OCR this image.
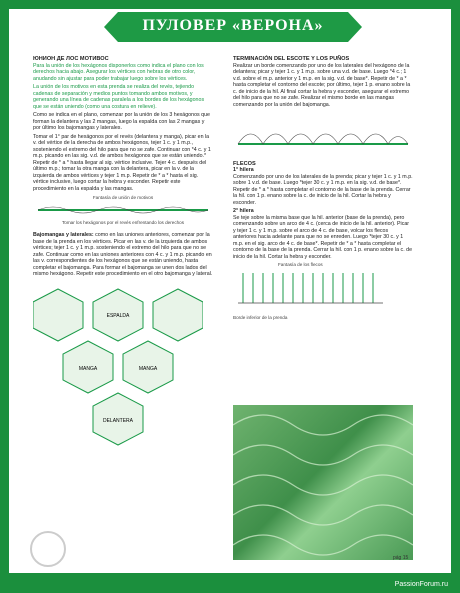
ПУЛОВЕР «ВЕРОНА»
ЮНИОН ДЕ ЛОС МОТИВОС

Para la unión de los hexágonos disponerlos como indica el plano con los derechos hacia abajo. Asegurar los vértices con hebras de otro color, anudando sin ajustar para poder trabajar luego sobre los vértices.

La unión de los motivos en esta prenda se realiza del revés, tejiendo cadenas de separación y medios puntos tomando ambos motivos, y generando una línea de cadenas paralela a los bordes de los hexágonos que se están uniendo (como una costura en relieve).

Como se indica en el plano, comenzar por la unión de los 3 hexágonos que forman la delantera y las 2 mangas, luego la espalda con las 2 mangas y por último los bajomangas y laterales.

Tomar el 1° par de hexágonos por el revés (delantera y manga), picar en la v. del vértice de la derecha de ambos hexágonos, tejer 1 c. y 1 m.p., sosteniendo el extremo del hilo para que no se zafe. Continuar con *4 c. y 1 m.p. picando en las sig. v.d. de ambos hexágonos que se están uniendo.* Repetir de * a * hasta llegar al sig. vértice inclusive. Tejer 4 c. después del último m.p.; tomar la otra manga con la delantera, picar en la v. de la izquierda de ambos vértices y tejer 1 m.p. Repetir de * a * hasta el sig. vértice inclusive, luego cortar la hebra y esconder. Repetir este procedimiento en la espalda y las mangas.

Fantasía de unión de motivos
Tomar los hexágonos por el revés enfrentando los derechos

Bajomangas y laterales: como en las uniones anteriores, comenzar por la base de la prenda en los vértices. Picar en las v. de la izquierda de ambos vértices; tejer 1 c. y 1 m.p. sosteniendo el extremo del hilo para que no se zafe. Continuar como en las uniones anteriores con 4 c. y 1 m.p. picando en las v. correspondientes de los hexágonos que se están uniendo, hasta completar el bajomanga. Para formar el bajomanga se unen dos lados del mismo hexágono. Repetir este procedimiento en el otro bajomanga y lateral.

ESPALDA
MANGA	MANGA
DELANTERA
TERMINACIÓN DEL ESCOTE Y LOS PUÑOS

Realizar un borde comenzando por uno de los laterales del hexágono de la delantera; picar y tejer 1 c. y 1 m.p. sobre una v.d. de base. Luego *4 c.; 1 v.d. sobre el m.p. anterior y 1 m.p. en la sig. v.d. de base*. Repetir de * a * hasta completar el contorno del escote; por último, tejer 1 p. enano sobre la c. de inicio de la hil. Al final cortar la hebra y esconder, asegurar el extremo del hilo para que no se zafe. Realizar el mismo borde en las mangas comenzando por la unión del bajomanga.

FLECOS
1° hilera

Comenzando por uno de los laterales de la prenda; picar y tejer 1 c. y 1 m.p. sobre 1 v.d. de base. Luego *tejer 30 c. y 1 m.p. en la sig. v.d. de base*. Repetir de * a * hasta completar el contorno de la base de la prenda. Cerrar la hil. con 1 p. enano sobre la c. de inicio de la hil. Cortar la hebra y esconder.

2° hilera

Se teje sobre la misma base que la hil. anterior (base de la prenda), pero comenzando sobre un arco de 4 c. (cerca de inicio de la hil. anterior). Picar y tejer 1 c. y 1 m.p. sobre el arco de 4 c. de base, volcar los flecos anteriores hacia adelante para que no se enreden. Luego *tejer 30 c. y 1 m.p. en el sig. arco de 4 c. de base*. Repetir de * a * hasta completar el contorno de la base de la prenda. Cerrar la hil. con 1 p. enano sobre la c. de inicio de la hil. Cortar la hebra y esconder.

Fantasía de los flecos
Borde inferior de la prenda
pág 15
PassionForum.ru
